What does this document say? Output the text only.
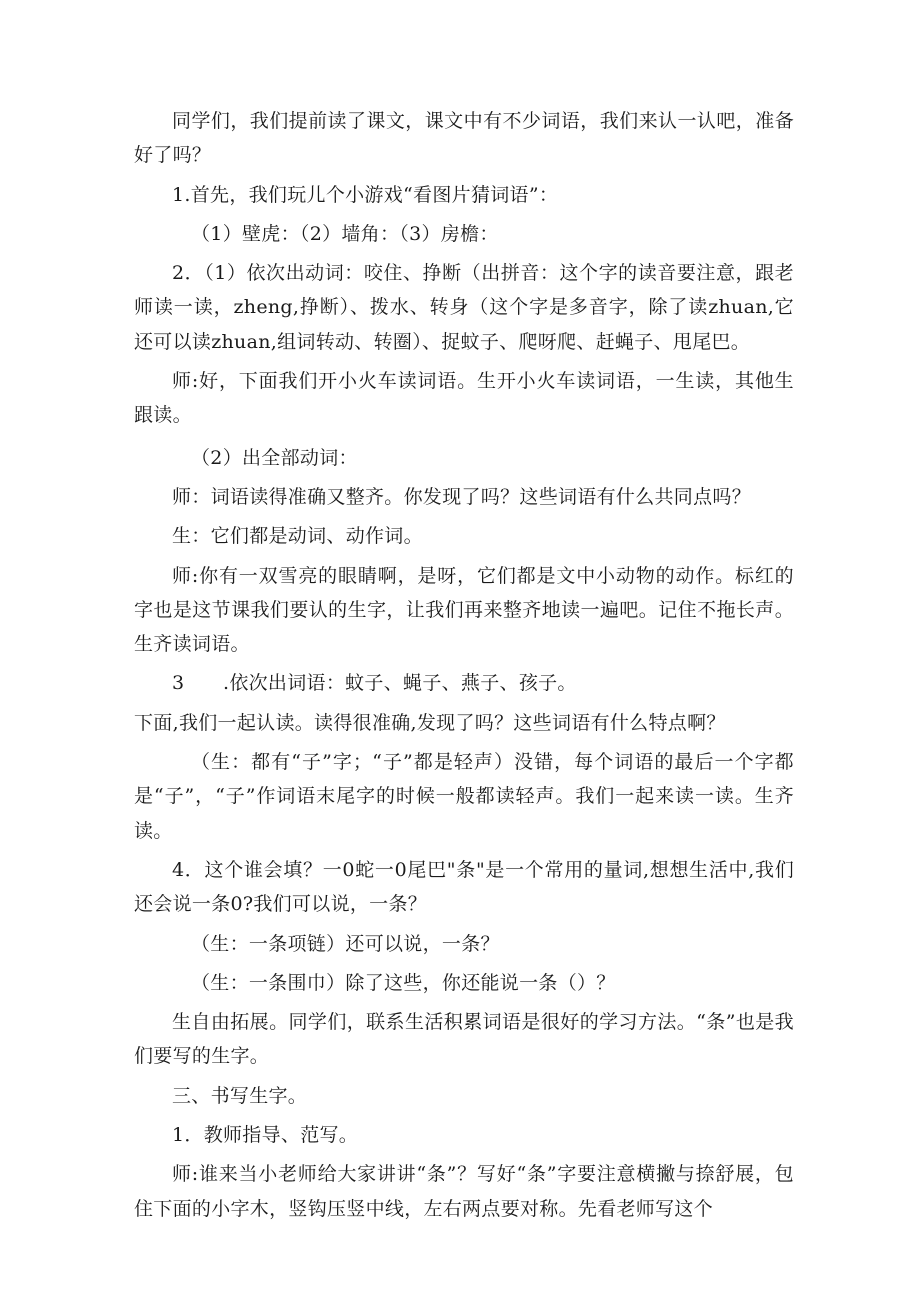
同学们，我们提前读了课文，课文中有不少词语，我们来认一认吧，准备好了吗？

1.首先，我们玩儿个小游戏“看图片猜词语”：

（1）壁虎：（2）墙角：（3）房檐：

2．（1）依次出动词：咬住、挣断（出拼音：这个字的读音要注意，跟老师读一读，zheng,挣断）、拨水、转身（这个字是多音字，除了读zhuan,它还可以读zhuan,组词转动、转圈）、捉蚊子、爬呀爬、赶蝇子、甩尾巴。

师:好，下面我们开小火车读词语。生开小火车读词语，一生读，其他生跟读。

（2）出全部动词：

师：词语读得准确又整齐。你发现了吗？这些词语有什么共同点吗？

生：它们都是动词、动作词。

师:你有一双雪亮的眼睛啊，是呀，它们都是文中小动物的动作。标红的字也是这节课我们要认的生字，让我们再来整齐地读一遍吧。记住不拖长声。生齐读词语。

3　　.依次出词语：蚊子、蝇子、燕子、孩子。

下面,我们一起认读。读得很准确,发现了吗？这些词语有什么特点啊？

（生：都有“子”字；“子”都是轻声）没错，每个词语的最后一个字都是“子”，“子”作词语末尾字的时候一般都读轻声。我们一起来读一读。生齐读。

4．这个谁会填？一0蛇一0尾巴"条"是一个常用的量词,想想生活中,我们还会说一条0?我们可以说，一条？

（生：一条项链）还可以说，一条？

（生：一条围巾）除了这些，你还能说一条（）？

生自由拓展。同学们，联系生活积累词语是很好的学习方法。“条”也是我们要写的生字。

三、书写生字。

1．教师指导、范写。

师:谁来当小老师给大家讲讲“条”？写好“条”字要注意横撇与捺舒展，包住下面的小字木，竖钩压竖中线，左右两点要对称。先看老师写这个
